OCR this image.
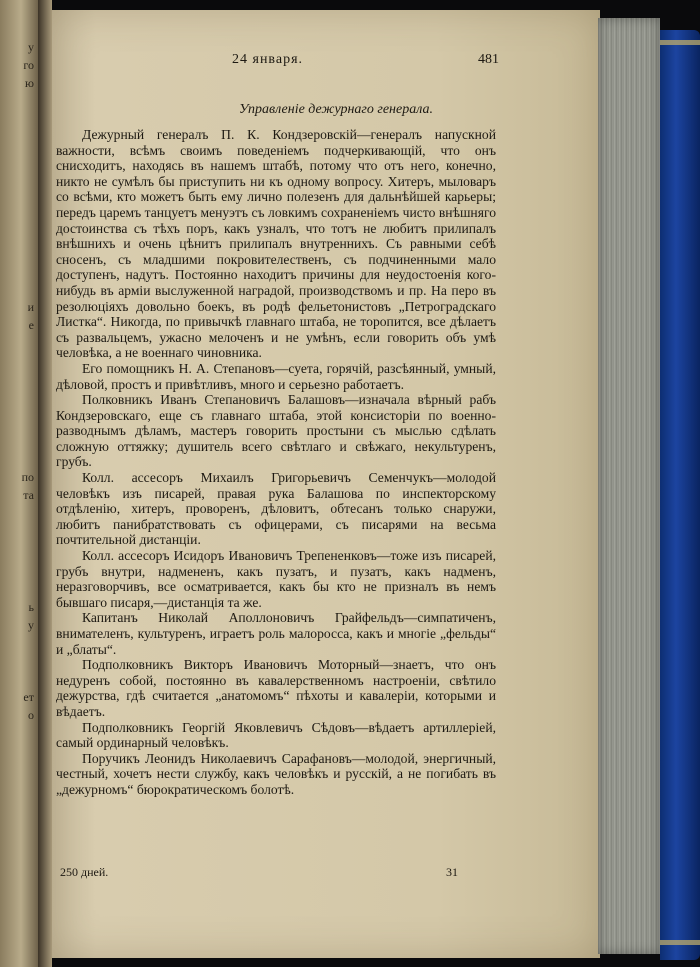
у
го
ю
и
е
по
та
ь
у
ет
о
24 января.	481
Управленіе дежурнаго генерала.

Дежурный генералъ П. К. Кондзеровскій—генералъ напускной важности, всѣмъ своимъ поведеніемъ подчеркивающій, что онъ снисходитъ, находясь въ нашемъ штабѣ, потому что отъ него, конечно, никто не сумѣлъ бы приступить ни къ одному вопросу. Хитеръ, мыловаръ со всѣми, кто можетъ быть ему лично полезенъ для дальнѣйшей карьеры; передъ царемъ танцуетъ менуэтъ съ ловкимъ сохраненіемъ чисто внѣшняго достоинства съ тѣхъ поръ, какъ узналъ, что тотъ не любитъ прилипалъ внѣшнихъ и очень цѣнитъ прилипалъ внутреннихъ. Съ равными себѣ сносенъ, съ младшими покровителественъ, съ подчиненными мало доступенъ, надутъ. Постоянно находитъ причины для неудостоенія кого-нибудь въ арміи выслуженной наградой, производствомъ и пр. На перо въ резолюціяхъ довольно боекъ, въ родѣ фельетонистовъ „Петроградскаго Листка“. Никогда, по привычкѣ главнаго штаба, не торопится, все дѣлаетъ съ развальцемъ, ужасно мелоченъ и не умѣнъ, если говорить объ умѣ человѣка, а не военнаго чиновника.

Его помощникъ Н. А. Степановъ—суета, горячій, разсѣянный, умный, дѣловой, простъ и привѣтливъ, много и серьезно работаетъ.

Полковникъ Иванъ Степановичъ Балашовъ—изначала вѣрный рабъ Кондзеровскаго, еще съ главнаго штаба, этой консисторіи по военно-разводнымъ дѣламъ, мастеръ говорить простыни съ мыслью сдѣлать сложную оттяжку; душитель всего свѣтлаго и свѣжаго, некультуренъ, грубъ.

Колл. ассесоръ Михаилъ Григорьевичъ Семенчукъ—молодой человѣкъ изъ писарей, правая рука Балашова по инспекторскому отдѣленію, хитеръ, проворенъ, дѣловитъ, обтесанъ только снаружи, любитъ панибратствовать съ офицерами, съ писарями на весьма почтительной дистанціи.

Колл. ассесоръ Исидоръ Ивановичъ Трепененковъ—тоже изъ писарей, грубъ внутри, надмененъ, какъ пузатъ, и пузатъ, какъ надменъ, неразговорчивъ, все осматривается, какъ бы кто не призналъ въ немъ бывшаго писаря,—дистанція та же.

Капитанъ Николай Аполлоновичъ Грайфельдъ—симпатиченъ, внимателенъ, культуренъ, играетъ роль малоросса, какъ и многіе „фельды“ и „блаты“.

Подполковникъ Викторъ Ивановичъ Моторный—знаетъ, что онъ недуренъ собой, постоянно въ кавалерственномъ настроеніи, свѣтило дежурства, гдѣ считается „анатомомъ“ пѣхоты и кавалеріи, которыми и вѣдаетъ.

Подполковникъ Георгій Яковлевичъ Сѣдовъ—вѣдаетъ артиллеріей, самый ординарный человѣкъ.

Поручикъ Леонидъ Николаевичъ Сарафановъ—молодой, энергичный, честный, хочетъ нести службу, какъ человѣкъ и русскій, а не погибать въ „дежурномъ“ бюрократическомъ болотѣ.

250 дней.	31
